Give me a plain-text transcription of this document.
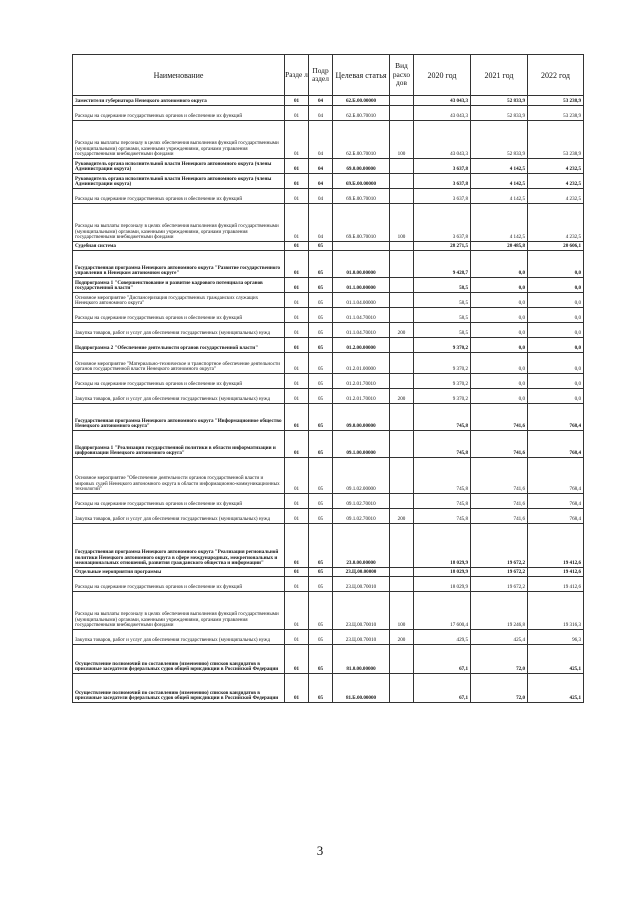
Наименование	Разде л	Подр аздел	Целевая статья	Вид расхо дов	2020 год	2021 год	2022 год
Заместители губернатора Ненецкого автономного округа	01	04	62.Б.00.00000		43 043,3	52 833,9	53 238,9
Расходы на содержание государственных органов и обеспечение их функций	01	04	62.Б.00.70010		43 043,3	52 833,9	53 238,9
Расходы на выплаты персоналу в целях обеспечения выполнения функций государственными (муниципальными) органами, казенными учреждениями, органами управления государственными внебюджетными фондами	01	04	62.Б.00.70010	100	43 043,3	52 833,9	53 238,9
Руководитель органа исполнительной власти Ненецкого автономного округа (члены Администрации округа)	01	04	69.0.00.00000		3 637,8	4 142,5	4 232,5
Руководитель органа исполнительной власти Ненецкого автономного округа (члены Администрации округа)	01	04	69.Б.00.00000		3 637,8	4 142,5	4 232,5
Расходы на содержание государственных органов и обеспечение их функций	01	04	69.Б.00.70010		3 637,8	4 142,5	4 232,5
Расходы на выплаты персоналу в целях обеспечения выполнения функций государственными (муниципальными) органами, казенными учреждениями, органами управления государственными внебюджетными фондами	01	04	69.Б.00.70010	100	3 637,8	4 142,5	4 232,5
Судебная система	01	05			28 271,5	20 485,8	20 606,1
Государственная программа Ненецкого автономного округа "Развитие государственного управления в Ненецком автономном округе"	01	05	01.0.00.00000		9 428,7	0,0	0,0
Подпрограмма 1 "Совершенствование и развитие кадрового потенциала органов государственной власти"	01	05	01.1.00.00000		58,5	0,0	0,0
Основное мероприятие "Диспансеризация государственных гражданских служащих Ненецкого автономного округа"	01	05	01.1.04.00000		58,5	0,0	0,0
Расходы на содержание государственных органов и обеспечение их функций	01	05	01.1.04.70010		58,5	0,0	0,0
Закупка товаров, работ и услуг для обеспечения государственных (муниципальных) нужд	01	05	01.1.04.70010	200	58,5	0,0	0,0
Подпрограмма 2 "Обеспечение деятельности органов государственной власти"	01	05	01.2.00.00000		9 370,2	0,0	0,0
Основное мероприятие "Материально-техническое и транспортное обеспечение деятельности органов государственной власти Ненецкого автономного округа"	01	05	01.2.01.00000		9 370,2	0,0	0,0
Расходы на содержание государственных органов и обеспечение их функций	01	05	01.2.01.70010		9 370,2	0,0	0,0
Закупка товаров, работ и услуг для обеспечения государственных (муниципальных) нужд	01	05	01.2.01.70010	200	9 370,2	0,0	0,0
Государственная программа Ненецкого автономного округа "Информационное общество Ненецкого автономного округа"	01	05	09.0.00.00000		745,8	741,6	768,4
Подпрограмма 1 "Реализация государственной политики в области информатизации и цифровизации Ненецкого автономного округа"	01	05	09.1.00.00000		745,8	741,6	768,4
Основное мероприятие "Обеспечение деятельности органов государственной власти и мировых судей Ненецкого автономного округа в области информационно-коммуникационных технологий"	01	05	09.1.02.00000		745,8	741,6	768,4
Расходы на содержание государственных органов и обеспечение их функций	01	05	09.1.02.70010		745,8	741,6	768,4
Закупка товаров, работ и услуг для обеспечения государственных (муниципальных) нужд	01	05	09.1.02.70010	200	745,8	741,6	768,4
Государственная программа Ненецкого автономного округа "Реализация региональной политики Ненецкого автономного округа в сфере международных, межрегиональных и межнациональных отношений, развития гражданского общества и информации"	01	05	23.0.00.00000		18 029,9	19 672,2	19 412,6
Отдельные мероприятия программы	01	05	23.Ц.00.00000		18 029,9	19 672,2	19 412,6
Расходы на содержание государственных органов и обеспечение их функций	01	05	23.Ц.00.70010		18 029,9	19 672,2	19 412,6
Расходы на выплаты персоналу в целях обеспечения выполнения функций государственными (муниципальными) органами, казенными учреждениями, органами управления государственными внебюджетными фондами	01	05	23.Ц.00.70010	100	17 600,4	19 246,8	19 316,3
Закупка товаров, работ и услуг для обеспечения государственных (муниципальных) нужд	01	05	23.Ц.00.70010	200	429,5	425,4	96,3
Осуществление полномочий по составлению (изменению) списков кандидатов в присяжные заседатели федеральных судов общей юрисдикции в Российской Федерации	01	05	81.0.00.00000		67,1	72,0	425,1
Осуществление полномочий по составлению (изменению) списков кандидатов в присяжные заседатели федеральных судов общей юрисдикции в Российской Федерации	01	05	81.Б.00.00000		67,1	72,0	425,1
3
